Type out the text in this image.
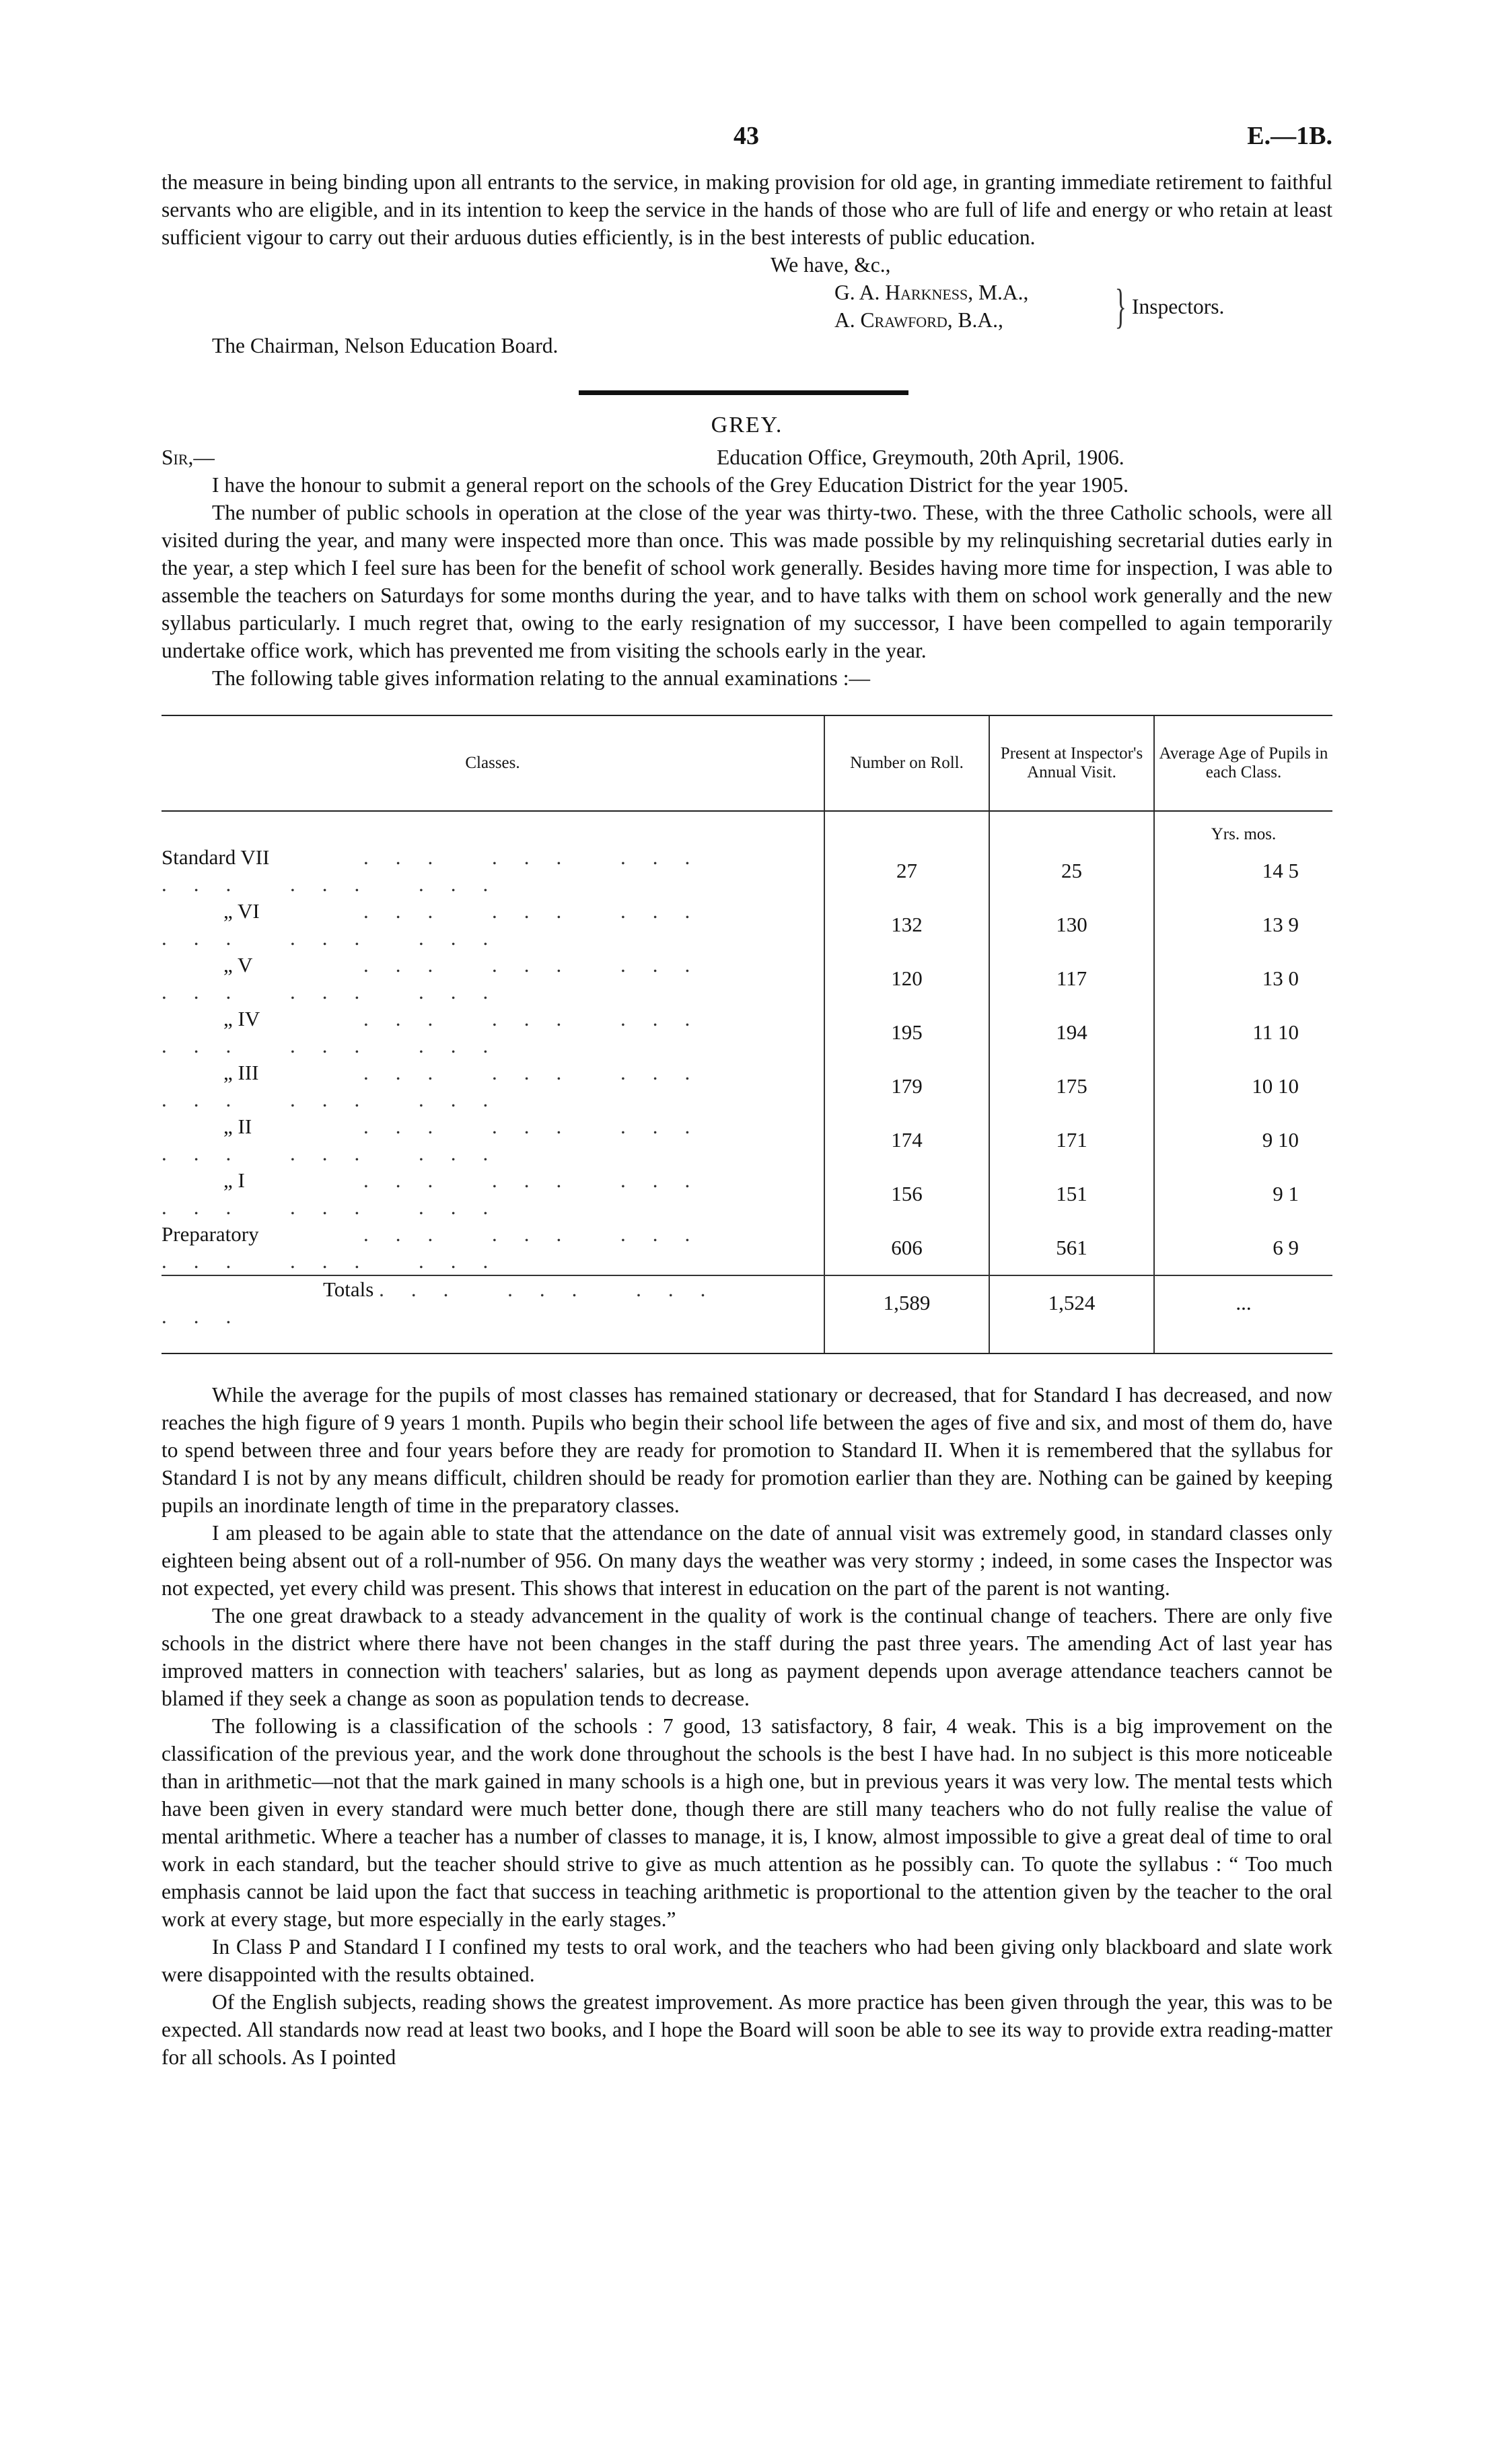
43	E.—1B.

the measure in being binding upon all entrants to the service, in making provision for old age, in granting immediate retirement to faithful servants who are eligible, and in its intention to keep the service in the hands of those who are full of life and energy or who retain at least sufficient vigour to carry out their arduous duties efficiently, is in the best interests of public education.

We have, &c.,
G. A. Harkness, M.A.,
A. Crawford, B.A., } Inspectors.
The Chairman, Nelson Education Board.
GREY.
Sir,—	Education Office, Greymouth, 20th April, 1906.

I have the honour to submit a general report on the schools of the Grey Education District for the year 1905.

The number of public schools in operation at the close of the year was thirty-two. These, with the three Catholic schools, were all visited during the year, and many were inspected more than once. This was made possible by my relinquishing secretarial duties early in the year, a step which I feel sure has been for the benefit of school work generally. Besides having more time for inspection, I was able to assemble the teachers on Saturdays for some months during the year, and to have talks with them on school work generally and the new syllabus particularly. I much regret that, owing to the early resignation of my successor, I have been compelled to again temporarily undertake office work, which has prevented me from visiting the schools early in the year.

The following table gives information relating to the annual examinations :—

Classes.	Number on Roll.	Present at Inspector's Annual Visit.	Average Age of Pupils in each Class.
			Yrs. mos.
Standard VII ... ... ... ... ... ...	27	25	14 5
„ VI ... ... ... ... ... ...	132	130	13 9
„ V ... ... ... ... ... ...	120	117	13 0
„ IV ... ... ... ... ... ...	195	194	11 10
„ III ... ... ... ... ... ...	179	175	10 10
„ II ... ... ... ... ... ...	174	171	9 10
„ I ... ... ... ... ... ...	156	151	9 1
Preparatory ... ... ... ... ... ...	606	561	6 9
Totals ... ... ... ...	1,589	1,524	...

While the average for the pupils of most classes has remained stationary or decreased, that for Standard I has decreased, and now reaches the high figure of 9 years 1 month. Pupils who begin their school life between the ages of five and six, and most of them do, have to spend between three and four years before they are ready for promotion to Standard II. When it is remembered that the syllabus for Standard I is not by any means difficult, children should be ready for promotion earlier than they are. Nothing can be gained by keeping pupils an inordinate length of time in the preparatory classes.

I am pleased to be again able to state that the attendance on the date of annual visit was extremely good, in standard classes only eighteen being absent out of a roll-number of 956. On many days the weather was very stormy ; indeed, in some cases the Inspector was not expected, yet every child was present. This shows that interest in education on the part of the parent is not wanting.

The one great drawback to a steady advancement in the quality of work is the continual change of teachers. There are only five schools in the district where there have not been changes in the staff during the past three years. The amending Act of last year has improved matters in connection with teachers' salaries, but as long as payment depends upon average attendance teachers cannot be blamed if they seek a change as soon as population tends to decrease.

The following is a classification of the schools : 7 good, 13 satisfactory, 8 fair, 4 weak. This is a big improvement on the classification of the previous year, and the work done throughout the schools is the best I have had. In no subject is this more noticeable than in arithmetic—not that the mark gained in many schools is a high one, but in previous years it was very low. The mental tests which have been given in every standard were much better done, though there are still many teachers who do not fully realise the value of mental arithmetic. Where a teacher has a number of classes to manage, it is, I know, almost impossible to give a great deal of time to oral work in each standard, but the teacher should strive to give as much attention as he possibly can. To quote the syllabus : “ Too much emphasis cannot be laid upon the fact that success in teaching arithmetic is proportional to the attention given by the teacher to the oral work at every stage, but more especially in the early stages.”

In Class P and Standard I I confined my tests to oral work, and the teachers who had been giving only blackboard and slate work were disappointed with the results obtained.

Of the English subjects, reading shows the greatest improvement. As more practice has been given through the year, this was to be expected. All standards now read at least two books, and I hope the Board will soon be able to see its way to provide extra reading-matter for all schools. As I pointed
